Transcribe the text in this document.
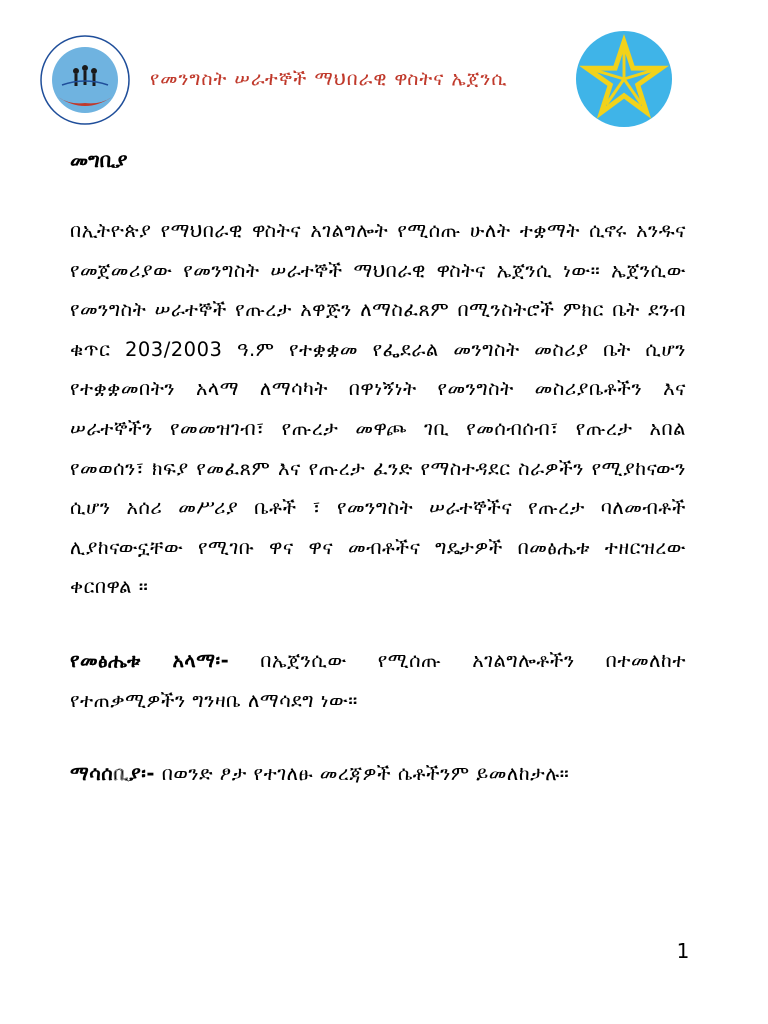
የመንግስት ሠራተኞች ማህበራዊ ዋስትና ኤጀንሲ
መግቢያ

በኢትዮጵያ የማህበራዊ ዋስትና አገልግሎት የሚሰጡ ሁለት ተቋማት ሲኖሩ አንዱና የመጀመሪያው የመንግስት ሠራተኞች ማህበራዊ ዋስትና ኤጀንሲ ነው። ኤጀንሲው የመንግስት ሠራተኞች የጡረታ አዋጅን ለማስፈጸም በሚንስትሮች ምክር ቤት ደንብ ቁጥር 203/2003 ዓ.ም የተቋቋመ የፌደራል መንግስት መስሪያ ቤት ሲሆን የተቋቋመበትን አላማ ለማሳካት በዋነኝነት የመንግስት መስሪያቤቶችን እና ሠራተኞችን የመመዝገብ፣ የጡረታ መዋጮ ገቢ የመሰብሰብ፣ የጡረታ አበል የመወሰን፣ ክፍያ የመፈጸም እና የጡረታ ፈንድ የማስተዳደር ስራዎችን የሚያከናውን ሲሆን አሰሪ መሥሪያ ቤቶች ፣ የመንግስት ሠራተኞችና የጡረታ ባለመብቶች ሊያከናውኗቸው የሚገቡ ዋና ዋና መብቶችና ግዴታዎች በመፅሔቱ ተዘርዝረው ቀርበዋል ።

የመፅሔቱ አላማ፡- በኤጀንሲው የሚሰጡ አገልግሎቶችን በተመለከተ የተጠቃሚዎችን ግንዛቤ ለማሳደግ ነው።

ማሳሰቢያ፡- በወንድ ፆታ የተገለፁ መረጃዎች ሴቶችንም ይመለከታሉ።

1
